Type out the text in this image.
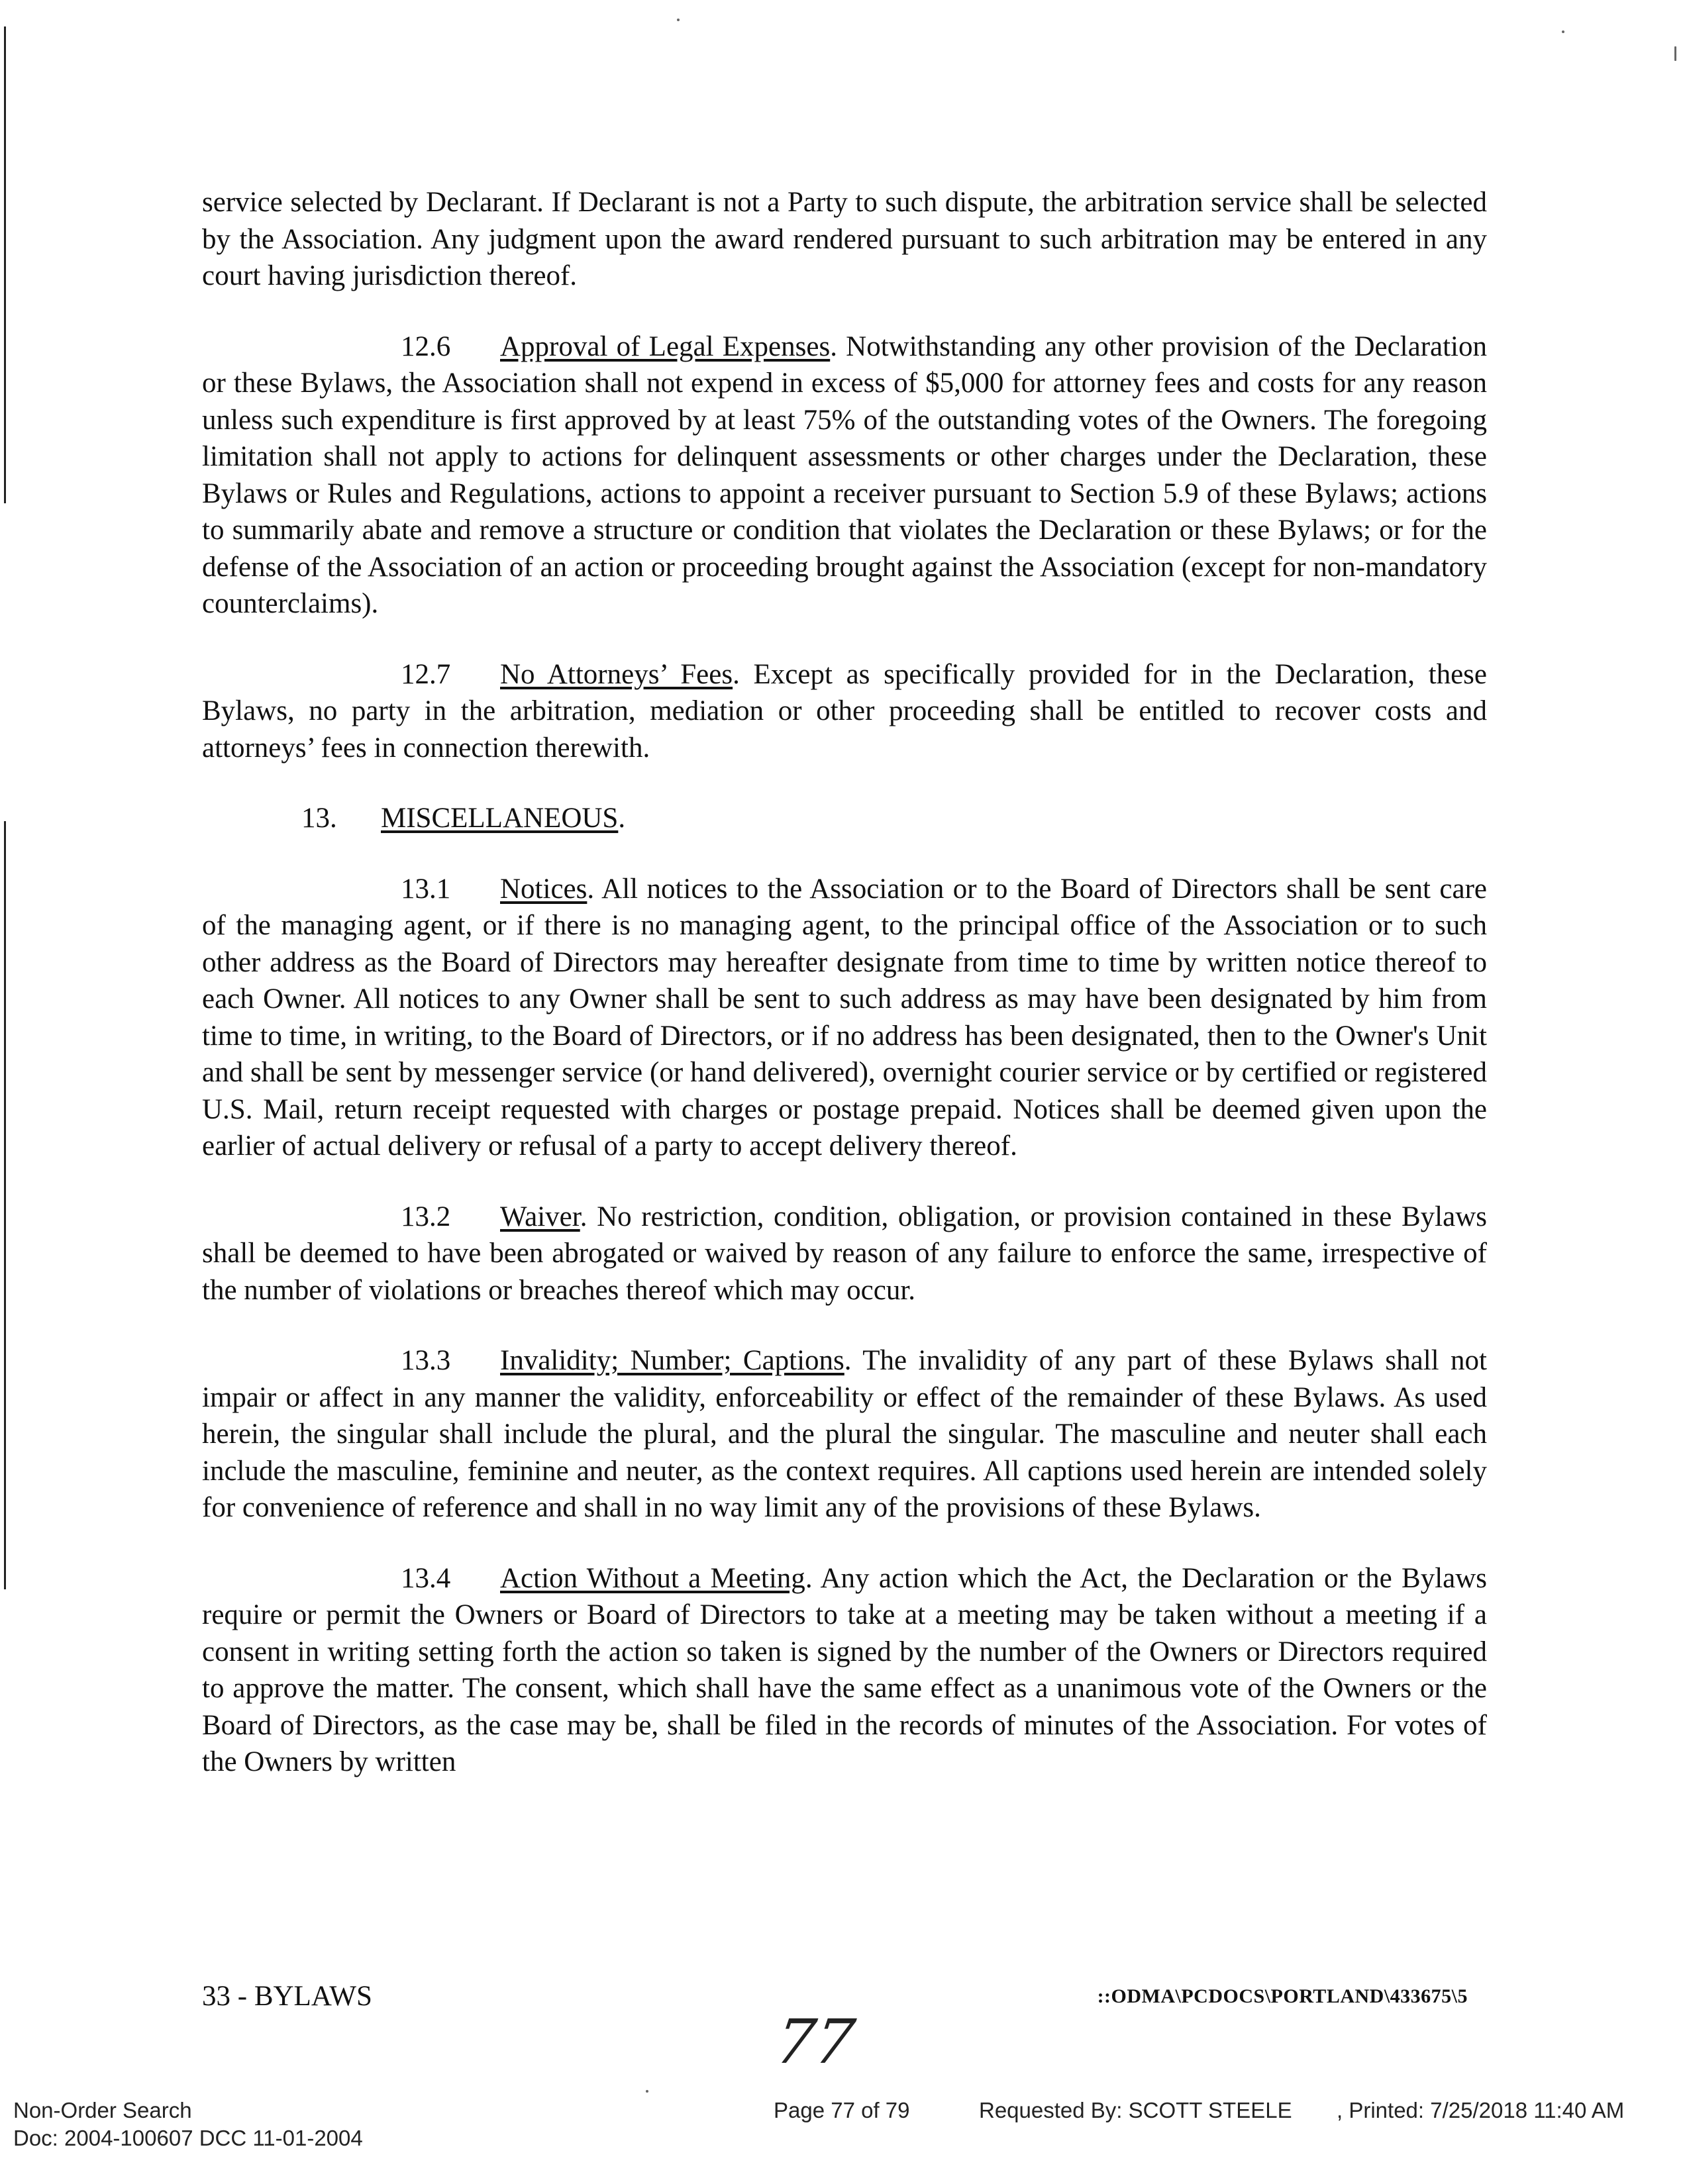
service selected by Declarant. If Declarant is not a Party to such dispute, the arbitration service shall be selected by the Association. Any judgment upon the award rendered pursuant to such arbitration may be entered in any court having jurisdiction thereof.

12.6 Approval of Legal Expenses. Notwithstanding any other provision of the Declaration or these Bylaws, the Association shall not expend in excess of $5,000 for attorney fees and costs for any reason unless such expenditure is first approved by at least 75% of the outstanding votes of the Owners. The foregoing limitation shall not apply to actions for delinquent assessments or other charges under the Declaration, these Bylaws or Rules and Regulations, actions to appoint a receiver pursuant to Section 5.9 of these Bylaws; actions to summarily abate and remove a structure or condition that violates the Declaration or these Bylaws; or for the defense of the Association of an action or proceeding brought against the Association (except for non-mandatory counterclaims).

12.7 No Attorneys’ Fees. Except as specifically provided for in the Declaration, these Bylaws, no party in the arbitration, mediation or other proceeding shall be entitled to recover costs and attorneys’ fees in connection therewith.

13. MISCELLANEOUS.

13.1 Notices. All notices to the Association or to the Board of Directors shall be sent care of the managing agent, or if there is no managing agent, to the principal office of the Association or to such other address as the Board of Directors may hereafter designate from time to time by written notice thereof to each Owner. All notices to any Owner shall be sent to such address as may have been designated by him from time to time, in writing, to the Board of Directors, or if no address has been designated, then to the Owner's Unit and shall be sent by messenger service (or hand delivered), overnight courier service or by certified or registered U.S. Mail, return receipt requested with charges or postage prepaid. Notices shall be deemed given upon the earlier of actual delivery or refusal of a party to accept delivery thereof.

13.2 Waiver. No restriction, condition, obligation, or provision contained in these Bylaws shall be deemed to have been abrogated or waived by reason of any failure to enforce the same, irrespective of the number of violations or breaches thereof which may occur.

13.3 Invalidity; Number; Captions. The invalidity of any part of these Bylaws shall not impair or affect in any manner the validity, enforceability or effect of the remainder of these Bylaws. As used herein, the singular shall include the plural, and the plural the singular. The masculine and neuter shall each include the masculine, feminine and neuter, as the context requires. All captions used herein are intended solely for convenience of reference and shall in no way limit any of the provisions of these Bylaws.

13.4 Action Without a Meeting. Any action which the Act, the Declaration or the Bylaws require or permit the Owners or Board of Directors to take at a meeting may be taken without a meeting if a consent in writing setting forth the action so taken is signed by the number of the Owners or Directors required to approve the matter. The consent, which shall have the same effect as a unanimous vote of the Owners or the Board of Directors, as the case may be, shall be filed in the records of minutes of the Association. For votes of the Owners by written

33 - BYLAWS	::ODMA\PCDOCS\PORTLAND\433675\5
77
Non-Order Search
Doc: 2004-100607 DCC 11-01-2004
Page 77 of 79	Requested By: SCOTT STEELE , Printed: 7/25/2018 11:40 AM
